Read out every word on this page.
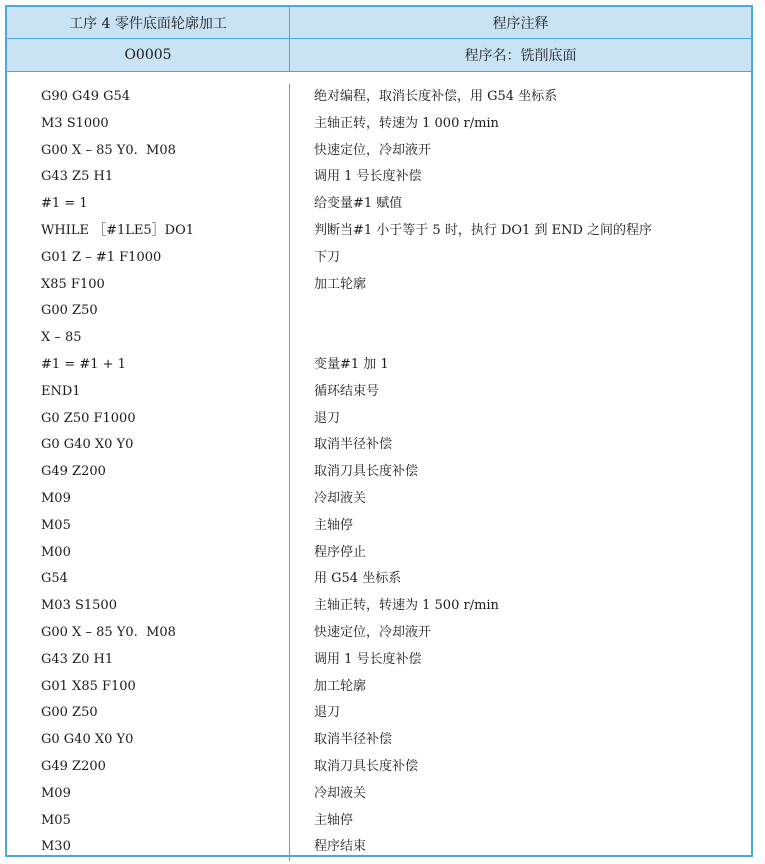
工序 4 零件底面轮廓加工	程序注释
O0005	程序名：铣削底面
G90 G49 G54
M3 S1000
G00 X – 85 Y0.  M08
G43 Z5 H1
#1 = 1
WHILE ［#1LE5］DO1
G01 Z – #1 F1000
X85 F100
G00 Z50
X – 85
#1 = #1 + 1
END1
G0 Z50 F1000
G0 G40 X0 Y0
G49 Z200
M09
M05
M00
G54
M03 S1500
G00 X – 85 Y0.  M08
G43 Z0 H1
G01 X85 F100
G00 Z50
G0 G40 X0 Y0
G49 Z200
M09
M05
M30
绝对编程，取消长度补偿，用 G54 坐标系
主轴正转，转速为 1 000 r/min
快速定位，冷却液开
调用 1 号长度补偿
给变量#1 赋值
判断当#1 小于等于 5 时，执行 DO1 到 END 之间的程序
下刀
加工轮廓
变量#1 加 1
循环结束号
退刀
取消半径补偿
取消刀具长度补偿
冷却液关
主轴停
程序停止
用 G54 坐标系
主轴正转，转速为 1 500 r/min
快速定位，冷却液开
调用 1 号长度补偿
加工轮廓
退刀
取消半径补偿
取消刀具长度补偿
冷却液关
主轴停
程序结束
